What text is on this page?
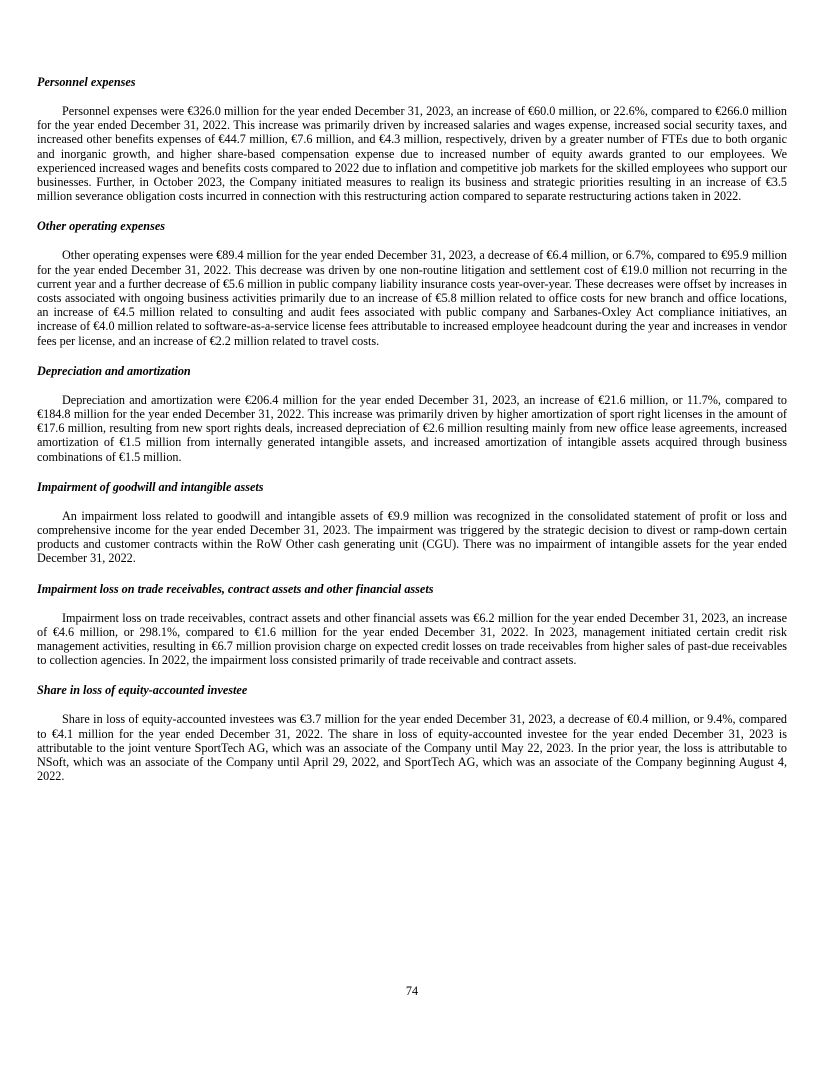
Personnel expenses

Personnel expenses were €326.0 million for the year ended December 31, 2023, an increase of €60.0 million, or 22.6%, compared to €266.0 million for the year ended December 31, 2022. This increase was primarily driven by increased salaries and wages expense, increased social security taxes, and increased other benefits expenses of €44.7 million, €7.6 million, and €4.3 million, respectively, driven by a greater number of FTEs due to both organic and inorganic growth, and higher share-based compensation expense due to increased number of equity awards granted to our employees. We experienced increased wages and benefits costs compared to 2022 due to inflation and competitive job markets for the skilled employees who support our businesses. Further, in October 2023, the Company initiated measures to realign its business and strategic priorities resulting in an increase of €3.5 million severance obligation costs incurred in connection with this restructuring action compared to separate restructuring actions taken in 2022.

Other operating expenses

Other operating expenses were €89.4 million for the year ended December 31, 2023, a decrease of €6.4 million, or 6.7%, compared to €95.9 million for the year ended December 31, 2022. This decrease was driven by one non-routine litigation and settlement cost of €19.0 million not recurring in the current year and a further decrease of €5.6 million in public company liability insurance costs year-over-year. These decreases were offset by increases in costs associated with ongoing business activities primarily due to an increase of €5.8 million related to office costs for new branch and office locations, an increase of €4.5 million related to consulting and audit fees associated with public company and Sarbanes-Oxley Act compliance initiatives, an increase of €4.0 million related to software-as-a-service license fees attributable to increased employee headcount during the year and increases in vendor fees per license, and an increase of €2.2 million related to travel costs.

Depreciation and amortization

Depreciation and amortization were €206.4 million for the year ended December 31, 2023, an increase of €21.6 million, or 11.7%, compared to €184.8 million for the year ended December 31, 2022. This increase was primarily driven by higher amortization of sport right licenses in the amount of €17.6 million, resulting from new sport rights deals, increased depreciation of €2.6 million resulting mainly from new office lease agreements, increased amortization of €1.5 million from internally generated intangible assets, and increased amortization of intangible assets acquired through business combinations of €1.5 million.

Impairment of goodwill and intangible assets

An impairment loss related to goodwill and intangible assets of €9.9 million was recognized in the consolidated statement of profit or loss and comprehensive income for the year ended December 31, 2023. The impairment was triggered by the strategic decision to divest or ramp-down certain products and customer contracts within the RoW Other cash generating unit (CGU). There was no impairment of intangible assets for the year ended December 31, 2022.

Impairment loss on trade receivables, contract assets and other financial assets

Impairment loss on trade receivables, contract assets and other financial assets was €6.2 million for the year ended December 31, 2023, an increase of €4.6 million, or 298.1%, compared to €1.6 million for the year ended December 31, 2022. In 2023, management initiated certain credit risk management activities, resulting in €6.7 million provision charge on expected credit losses on trade receivables from higher sales of past-due receivables to collection agencies. In 2022, the impairment loss consisted primarily of trade receivable and contract assets.

Share in loss of equity-accounted investee

Share in loss of equity-accounted investees was €3.7 million for the year ended December 31, 2023, a decrease of €0.4 million, or 9.4%, compared to €4.1 million for the year ended December 31, 2022. The share in loss of equity-accounted investee for the year ended December 31, 2023 is attributable to the joint venture SportTech AG, which was an associate of the Company until May 22, 2023. In the prior year, the loss is attributable to NSoft, which was an associate of the Company until April 29, 2022, and SportTech AG, which was an associate of the Company beginning August 4, 2022.

74
